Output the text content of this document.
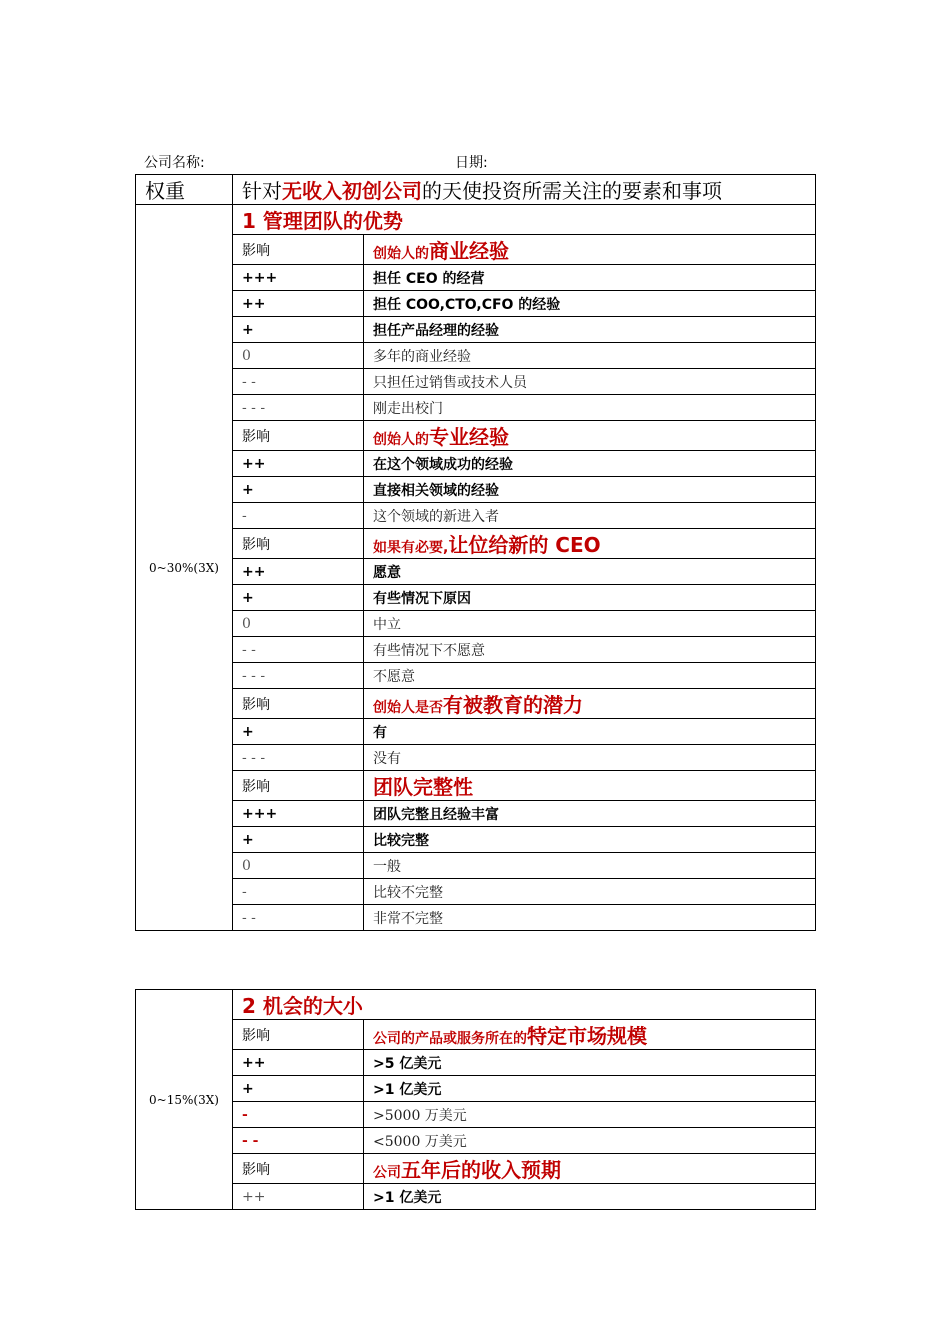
公司名称:	日期:
权重	针对无收入初创公司的天使投资所需关注的要素和事项	
0~30%(3X)	1 管理团队的优势	
	影响	创始人的商业经验
	+++	担任 CEO 的经营
	++	担任 COO,CTO,CFO 的经验
	+	担任产品经理的经验
	0	多年的商业经验
	- -	只担任过销售或技术人员
	- - -	刚走出校门
	影响	创始人的专业经验
	++	在这个领域成功的经验
	+	直接相关领域的经验
	-	这个领域的新进入者
	影响	如果有必要,让位给新的 CEO
	++	愿意
	+	有些情况下原因
	0	中立
	- -	有些情况下不愿意
	- - -	不愿意
	影响	创始人是否有被教育的潜力
	+	有
	- - -	没有
	影响	团队完整性
	+++	团队完整且经验丰富
	+	比较完整
	0	一般
	-	比较不完整
	- -	非常不完整
0~15%(3X)	2 机会的大小	
	影响	公司的产品或服务所在的特定市场规模
	++	>5 亿美元
	+	>1 亿美元
	-	>5000 万美元
	- -	<5000 万美元
	影响	公司五年后的收入预期
	++	>1 亿美元
